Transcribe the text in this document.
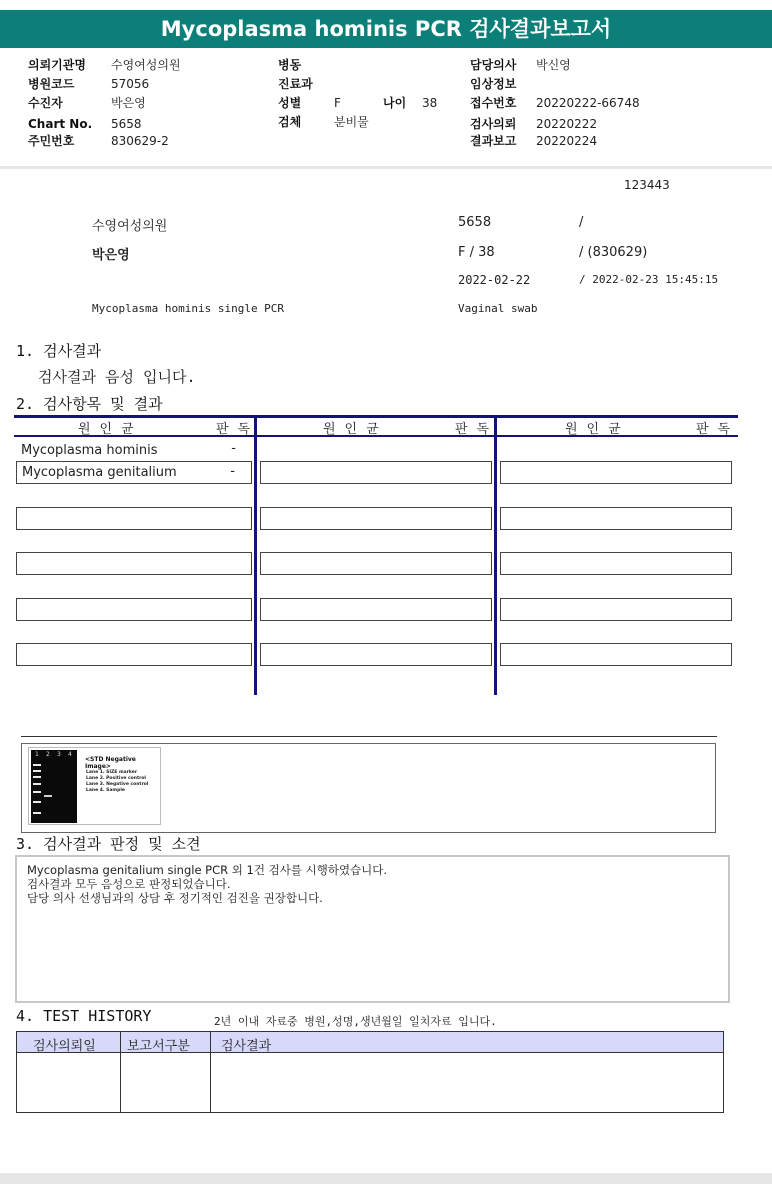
Mycoplasma hominis PCR 검사결과보고서
의뢰기관명 수영여성의원
병원코드	57056
수진자	박은영
Chart No. 5658
주민번호	830629-2
병동
진료과
성별	F	나이 38
검체	분비물
담당의사 박신영
임상정보
접수번호 20220222-66748
검사의뢰 20220222
결과보고 20220224
123443
수영여성의원	5658	/
박은영	F / 38	/ (830629)
2022-02-22	/ 2022-02-23 15:45:15
Mycoplasma hominis single PCR	Vaginal swab
1. 검사결과
검사결과 음성 입니다.
2. 검사항목 및 결과
원인균	판독	원인균	판독	원인균	판독
Mycoplasma hominis	-
Mycoplasma genitalium	-
1 2 3 4
<STD Negative Image>
Lane 1. SIZE marker
Lane 2. Positive control
Lane 3. Negative control
Lane 4. Sample
3. 검사결과 판정 및 소견
Mycoplasma genitalium single PCR 외 1건 검사를 시행하였습니다.
검사결과 모두 음성으로 판정되었습니다.
담당 의사 선생님과의 상담 후 정기적인 검진을 권장합니다.
4. TEST HISTORY	2년 이내 자료중 병원,성명,생년월일 일치자료 입니다.
검사의뢰일 보고서구분 검사결과
